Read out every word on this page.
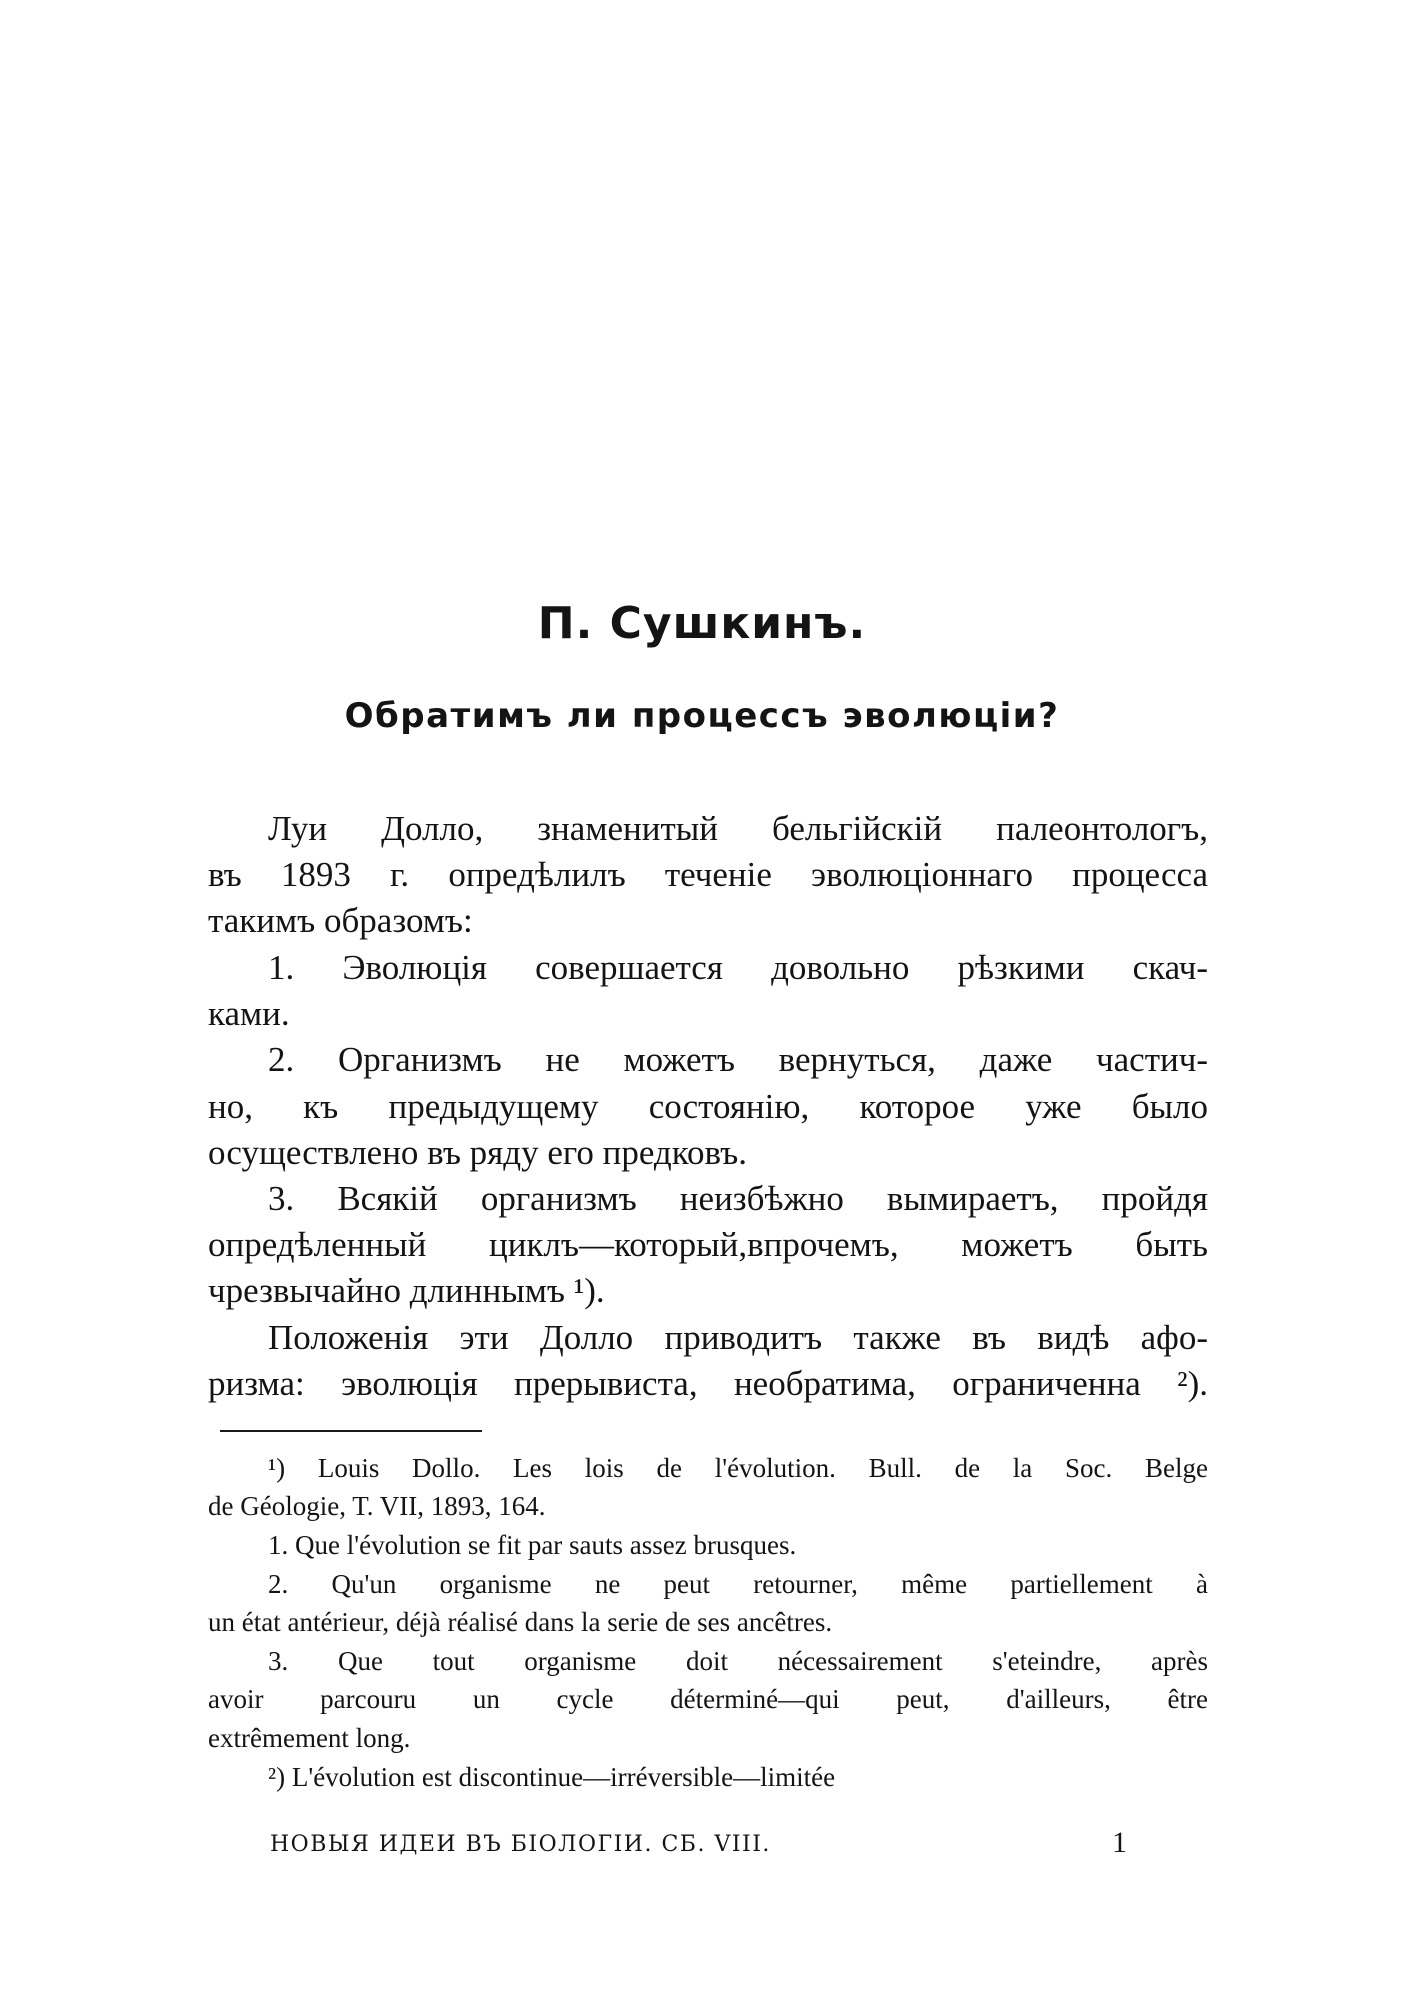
П. Сушкинъ.
Обратимъ ли процессъ эволюціи?
Луи Долло, знаменитый бельгійскій палеонтологъ,
въ 1893 г. опредѣлилъ теченіе эволюціоннаго процесса
такимъ образомъ:
1. Эволюція совершается довольно рѣзкими скач-
ками.
2. Организмъ не можетъ вернуться, даже частич-
но, къ предыдущему состоянію, которое уже было
осуществлено въ ряду его предковъ.
3. Всякій организмъ неизбѣжно вымираетъ, пройдя
опредѣленный циклъ—который,впрочемъ, можетъ быть
чрезвычайно длиннымъ ¹).
Положенія эти Долло приводитъ также въ видѣ афо-
ризма: эволюція прерывиста, необратима, ограниченна ²).
¹) Louis Dollo. Les lois de l'évolution. Bull. de la Soc. Belge
de Géologie, T. VII, 1893, 164.
1. Que l'évolution se fit par sauts assez brusques.
2. Qu'un organisme ne peut retourner, même partiellement à
un état antérieur, déjà réalisé dans la serie de ses ancêtres.
3. Que tout organisme doit nécessairement s'eteindre, après
avoir parcouru un cycle déterminé—qui peut, d'ailleurs, être
extrêmement long.
²) L'évolution est discontinue—irréversible—limitée
НОВЫЯ ИДЕИ ВЪ БІОЛОГІИ. СБ. VIII.	1
